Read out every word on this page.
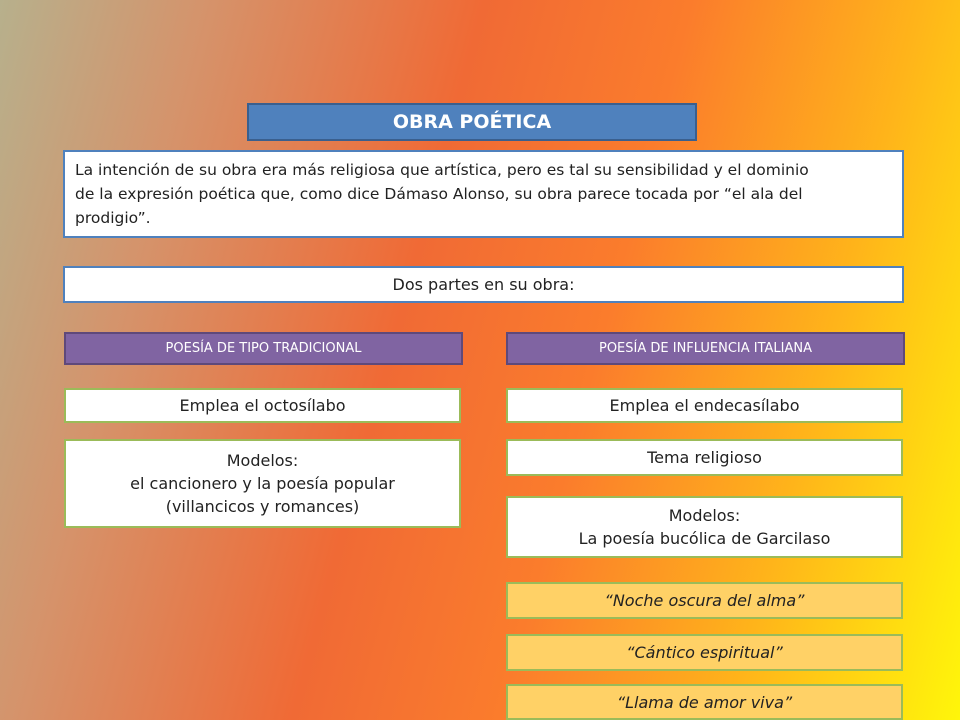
OBRA POÉTICA
La intención de su obra era más religiosa que artística, pero es tal su sensibilidad y el dominio
de la expresión poética que, como dice Dámaso Alonso, su obra parece tocada por “el ala del
prodigio”.
Dos partes en su obra:
POESÍA DE TIPO TRADICIONAL
Emplea el octosílabo
Modelos:
el cancionero y la poesía popular
(villancicos y romances)
POESÍA DE INFLUENCIA ITALIANA
Emplea el endecasílabo
Tema religioso
Modelos:
La poesía bucólica de Garcilaso
“Noche oscura del alma”
“Cántico espiritual”
“Llama de amor viva”
